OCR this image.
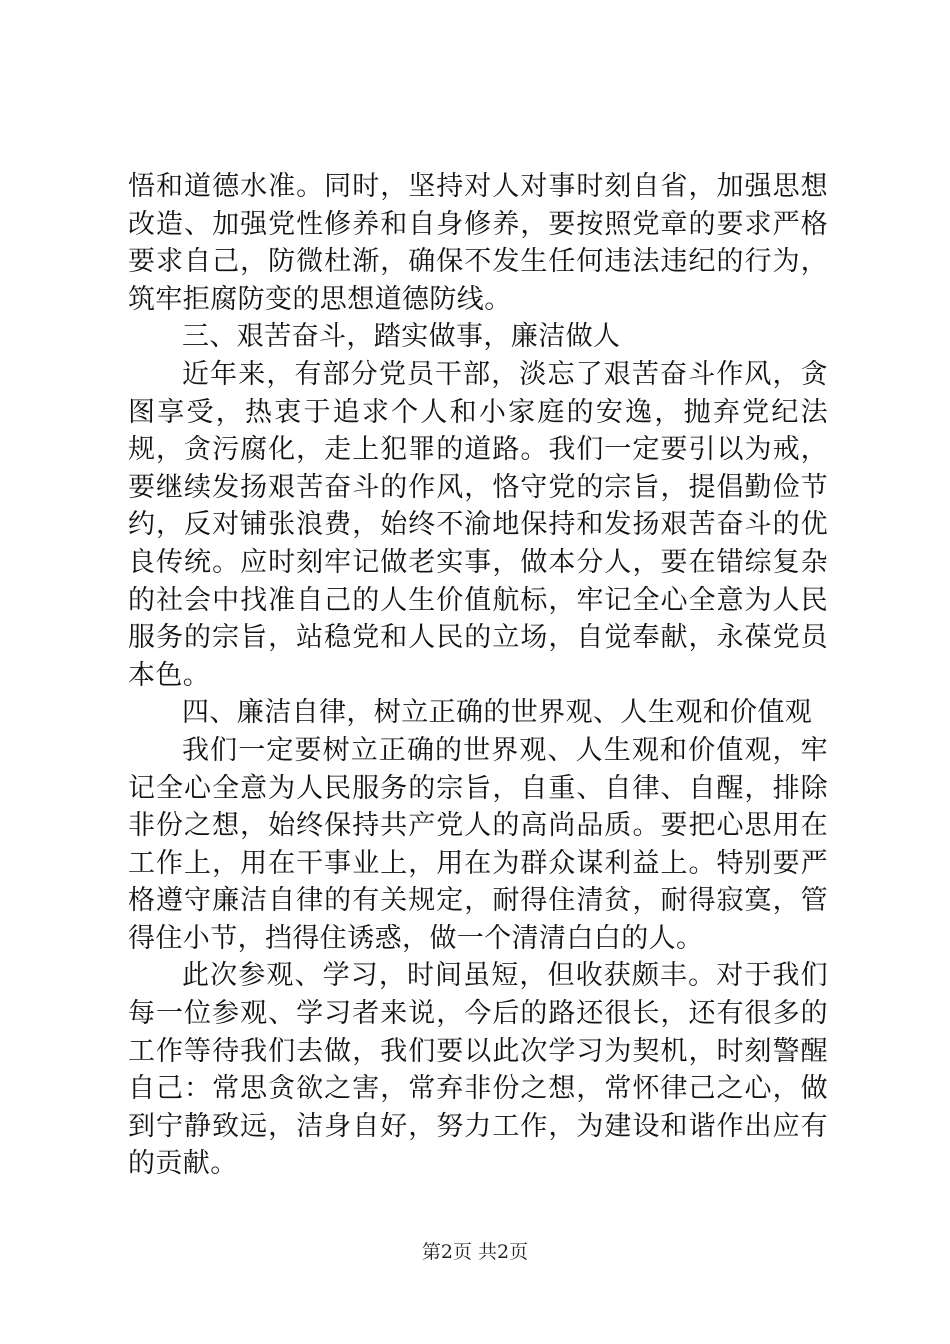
悟和道德水准。同时，坚持对人对事时刻自省，加强思想改造、加强党性修养和自身修养，要按照党章的要求严格要求自己，防微杜渐，确保不发生任何违法违纪的行为，筑牢拒腐防变的思想道德防线。

三、艰苦奋斗，踏实做事，廉洁做人

近年来，有部分党员干部，淡忘了艰苦奋斗作风，贪图享受，热衷于追求个人和小家庭的安逸，抛弃党纪法规，贪污腐化，走上犯罪的道路。我们一定要引以为戒，要继续发扬艰苦奋斗的作风，恪守党的宗旨，提倡勤俭节约，反对铺张浪费，始终不渝地保持和发扬艰苦奋斗的优良传统。应时刻牢记做老实事，做本分人，要在错综复杂的社会中找准自己的人生价值航标，牢记全心全意为人民服务的宗旨，站稳党和人民的立场，自觉奉献，永葆党员本色。

四、廉洁自律，树立正确的世界观、人生观和价值观

我们一定要树立正确的世界观、人生观和价值观，牢记全心全意为人民服务的宗旨，自重、自律、自醒，排除非份之想，始终保持共产党人的高尚品质。要把心思用在工作上，用在干事业上，用在为群众谋利益上。特别要严格遵守廉洁自律的有关规定，耐得住清贫，耐得寂寞，管得住小节，挡得住诱惑，做一个清清白白的人。

此次参观、学习，时间虽短，但收获颇丰。对于我们每一位参观、学习者来说，今后的路还很长，还有很多的工作等待我们去做，我们要以此次学习为契机，时刻警醒自己：常思贪欲之害，常弃非份之想，常怀律己之心，做到宁静致远，洁身自好，努力工作，为建设和谐作出应有的贡献。

第2页 共2页
